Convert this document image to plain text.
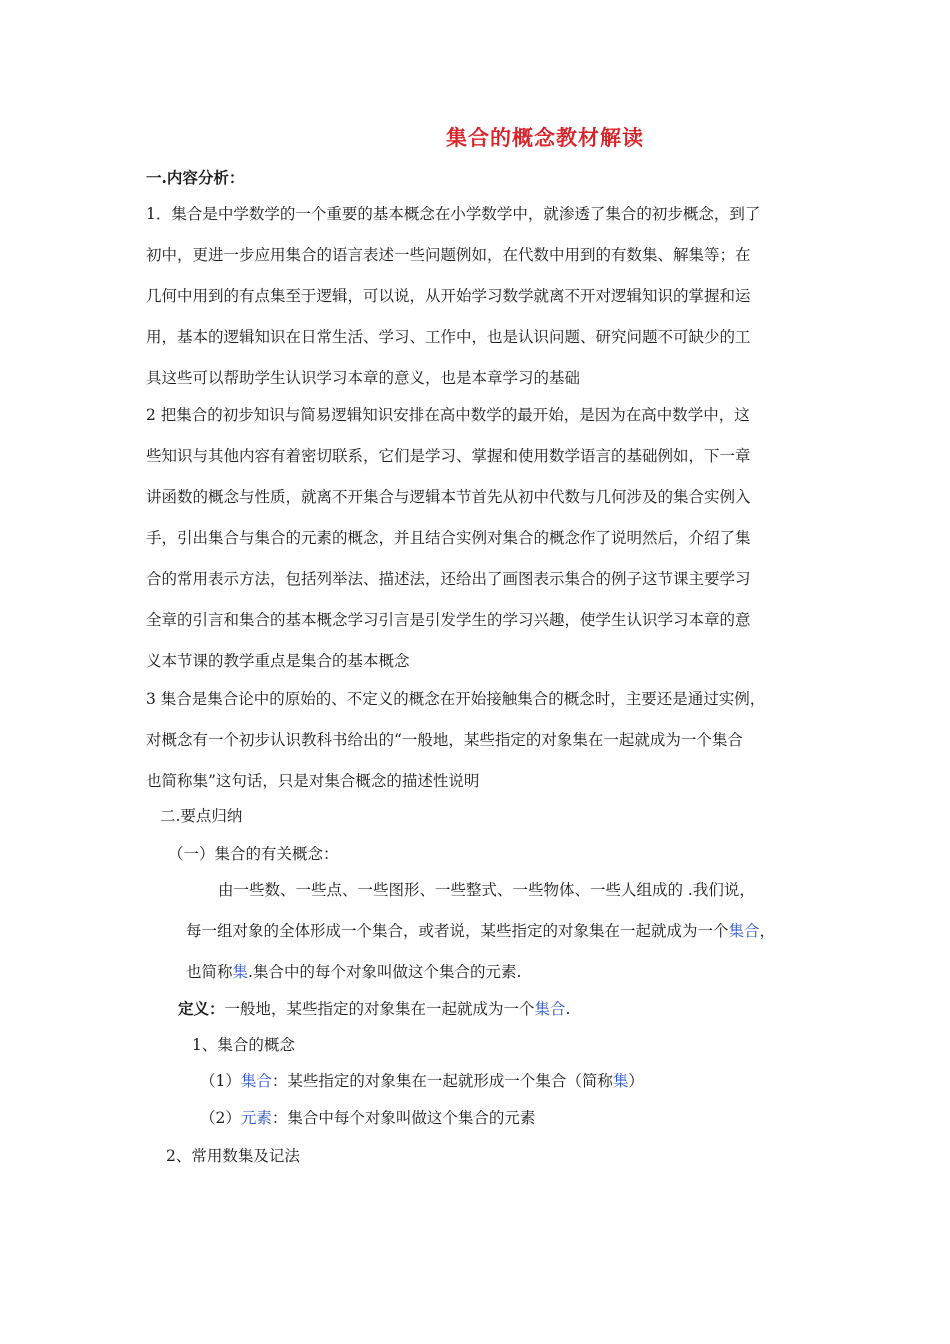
集合的概念教材解读
一.内容分析：
1．集合是中学数学的一个重要的基本概念在小学数学中，就渗透了集合的初步概念，到了
初中，更进一步应用集合的语言表述一些问题例如，在代数中用到的有数集、解集等；在
几何中用到的有点集至于逻辑，可以说，从开始学习数学就离不开对逻辑知识的掌握和运
用，基本的逻辑知识在日常生活、学习、工作中，也是认识问题、研究问题不可缺少的工
具这些可以帮助学生认识学习本章的意义，也是本章学习的基础
2 把集合的初步知识与简易逻辑知识安排在高中数学的最开始，是因为在高中数学中，这
些知识与其他内容有着密切联系，它们是学习、掌握和使用数学语言的基础例如，下一章
讲函数的概念与性质，就离不开集合与逻辑本节首先从初中代数与几何涉及的集合实例入
手，引出集合与集合的元素的概念，并且结合实例对集合的概念作了说明然后，介绍了集
合的常用表示方法，包括列举法、描述法，还给出了画图表示集合的例子这节课主要学习
全章的引言和集合的基本概念学习引言是引发学生的学习兴趣，使学生认识学习本章的意
义本节课的教学重点是集合的基本概念
3 集合是集合论中的原始的、不定义的概念在开始接触集合的概念时，主要还是通过实例，
对概念有一个初步认识教科书给出的“一般地，某些指定的对象集在一起就成为一个集合
也简称集”这句话，只是对集合概念的描述性说明
二.要点归纳
（一）集合的有关概念：
由一些数、一些点、一些图形、一些整式、一些物体、一些人组成的 .我们说，
每一组对象的全体形成一个集合，或者说，某些指定的对象集在一起就成为一个集合，
也简称集.集合中的每个对象叫做这个集合的元素.
定义：一般地，某些指定的对象集在一起就成为一个集合.
1、集合的概念
（1）集合：某些指定的对象集在一起就形成一个集合（简称集）
（2）元素：集合中每个对象叫做这个集合的元素
2、常用数集及记法
